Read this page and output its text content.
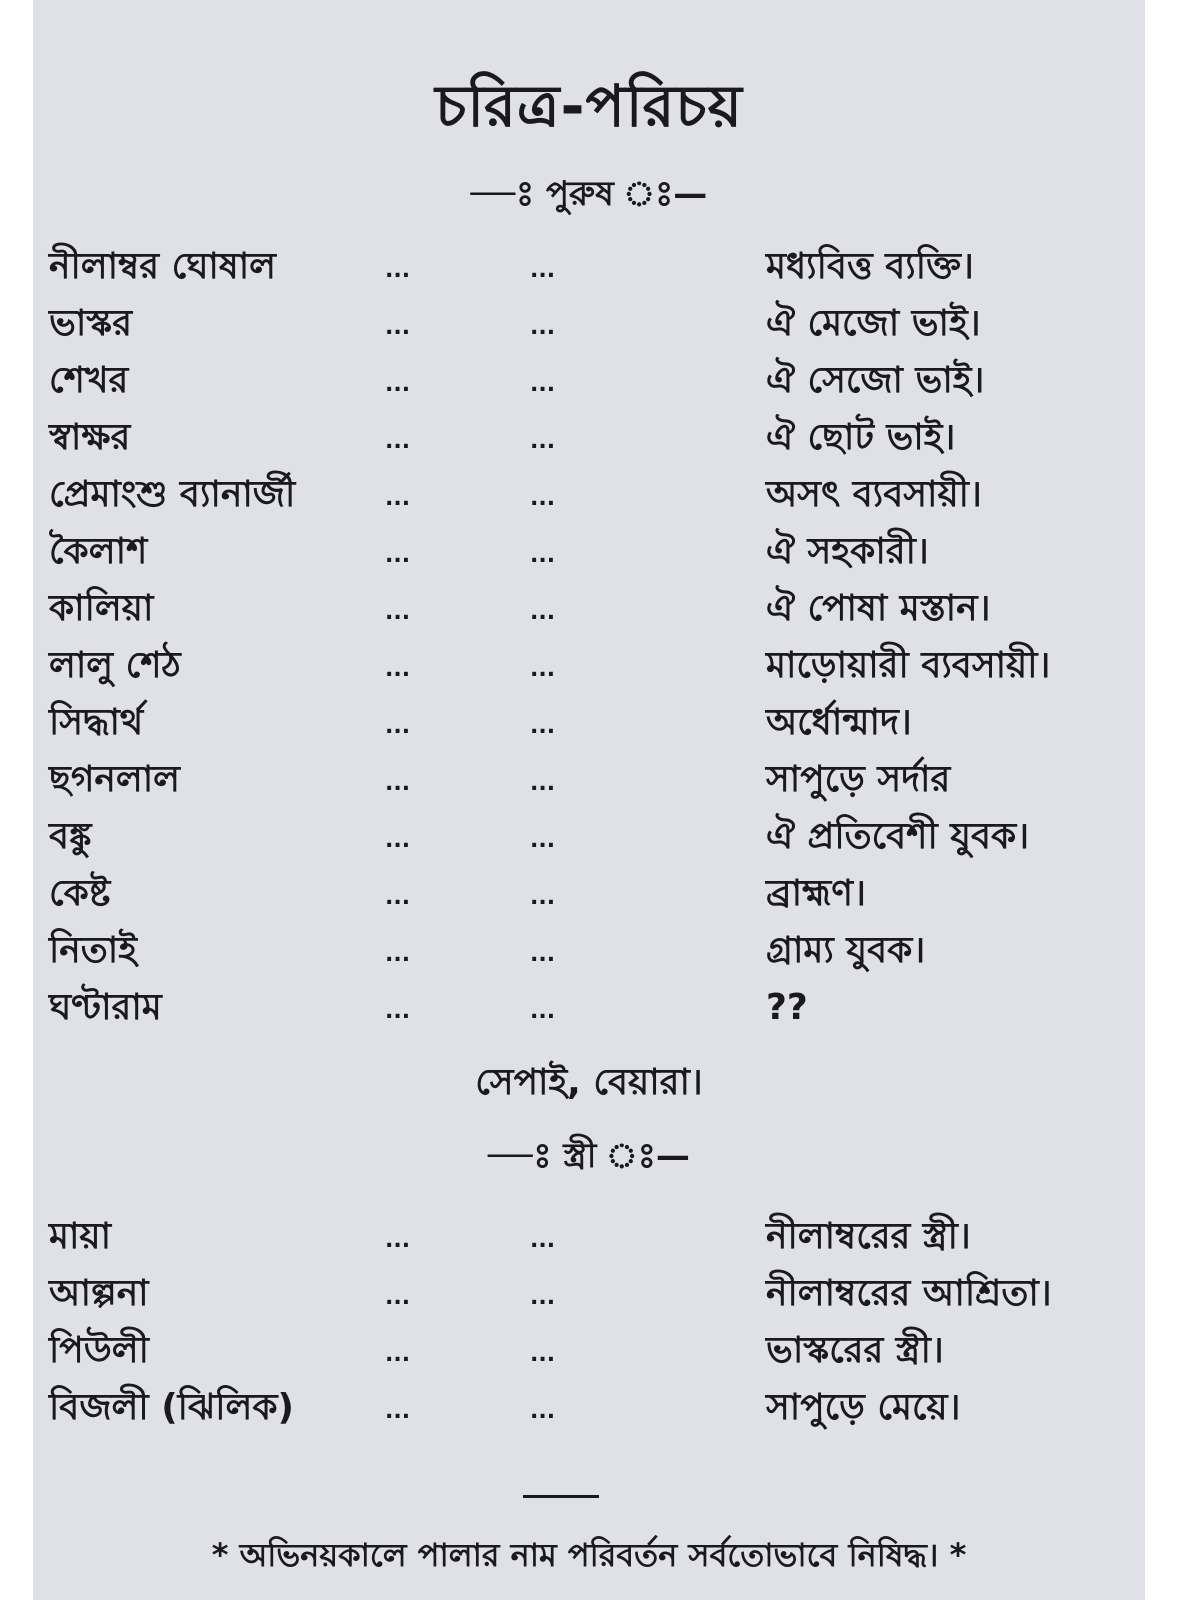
চরিত্র-পরিচয়
—ঃ পুরুষ ঃ—
নীলাম্বর ঘোষাল	...	...	মধ্যবিত্ত ব্যক্তি।
ভাস্কর	...	...	ঐ মেজো ভাই।
শেখর	...	...	ঐ সেজো ভাই।
স্বাক্ষর	...	...	ঐ ছোট ভাই।
প্রেমাংশু ব্যানার্জী	...	...	অসৎ ব্যবসায়ী।
কৈলাশ	...	...	ঐ সহকারী।
কালিয়া	...	...	ঐ পোষা মস্তান।
লালু শেঠ	...	...	মাড়োয়ারী ব্যবসায়ী।
সিদ্ধার্থ	...	...	অর্ধোন্মাদ।
ছগনলাল	...	...	সাপুড়ে সর্দার
বঙ্কু	...	...	ঐ প্রতিবেশী যুবক।
কেষ্ট	...	...	ব্রাহ্মণ।
নিতাই	...	...	গ্রাম্য যুবক।
ঘণ্টারাম	...	...	??
সেপাই, বেয়ারা।
—ঃ স্ত্রী ঃ—
মায়া	...	...	নীলাম্বরের স্ত্রী।
আল্পনা	...	...	নীলাম্বরের আশ্রিতা।
পিউলী	...	...	ভাস্করের স্ত্রী।
বিজলী (ঝিলিক)	...	...	সাপুড়ে মেয়ে।
* অভিনয়কালে পালার নাম পরিবর্তন সর্বতোভাবে নিষিদ্ধ। *
